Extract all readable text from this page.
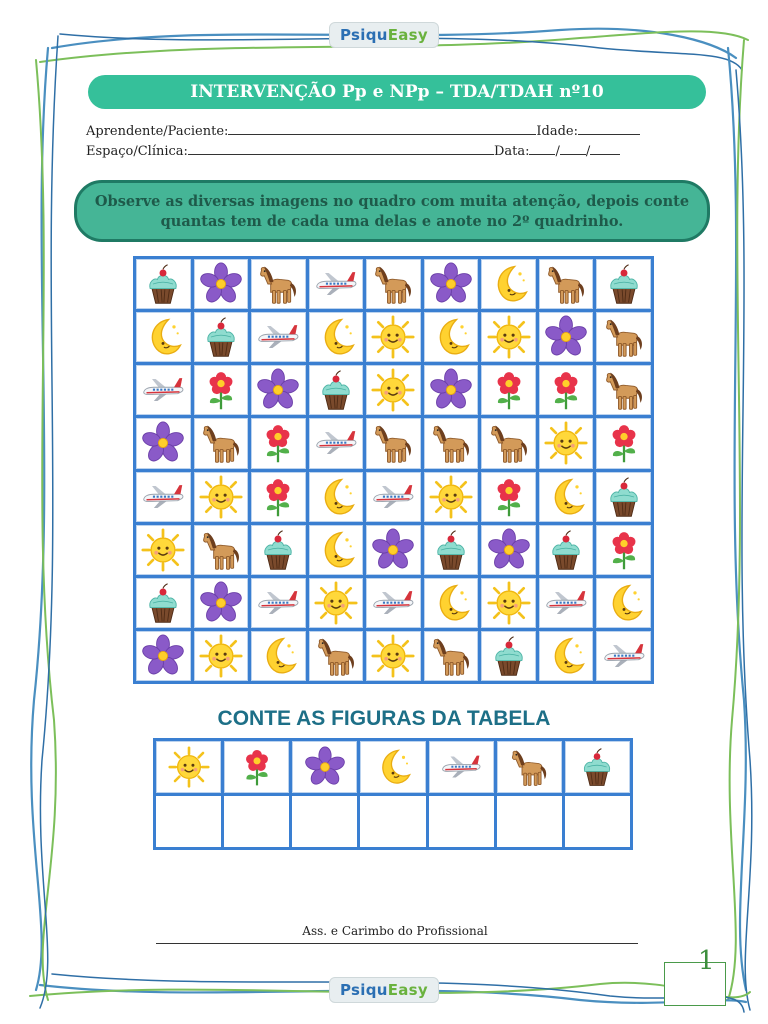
PsiquEasy
INTERVENÇÃO Pp e NPp – TDA/TDAH nº10
Aprendente/Paciente:	Idade:
Espaço/Clínica:	Data: / /
Observe as diversas imagens no quadro com muita atenção, depois conte
quantas tem de cada uma delas e anote no 2º quadrinho.
CONTE AS FIGURAS DA TABELA
Ass. e Carimbo do Profissional
1
PsiquEasy
